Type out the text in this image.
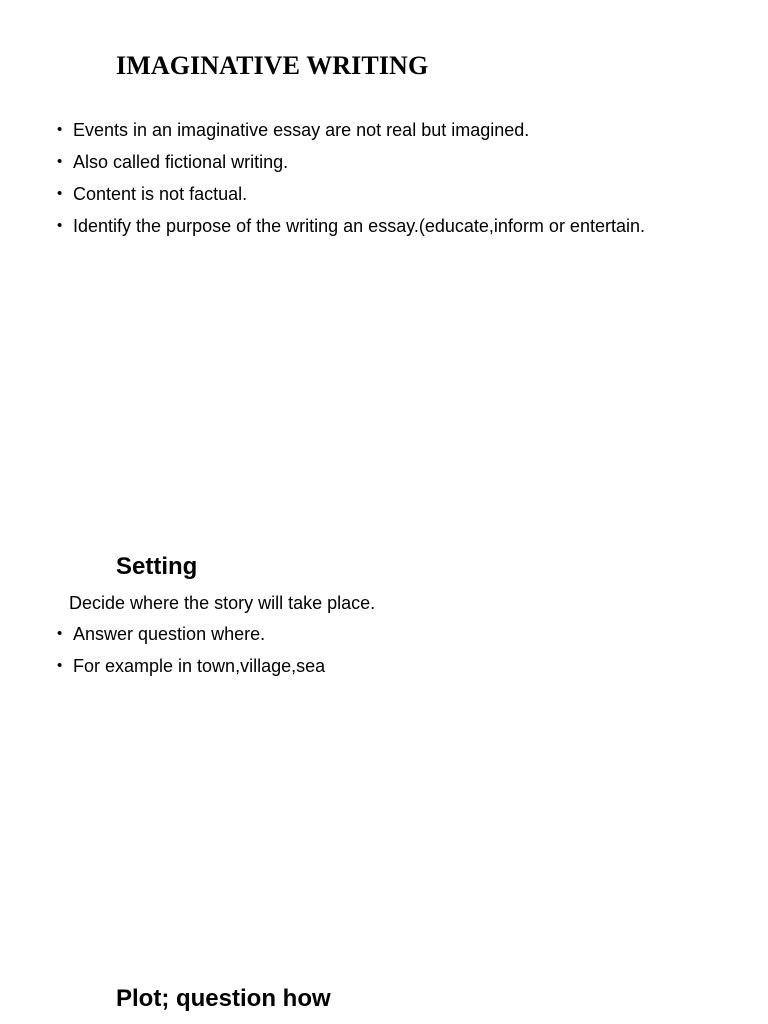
IMAGINATIVE WRITING
• Events in an imaginative essay are not real but imagined.
• Also called fictional writing.
• Content is not factual.
• Identify the purpose of the writing an essay.(educate,inform or entertain.
Setting

Decide where the story will take place.

• Answer question where.
• For example in town,village,sea
Plot; question how
